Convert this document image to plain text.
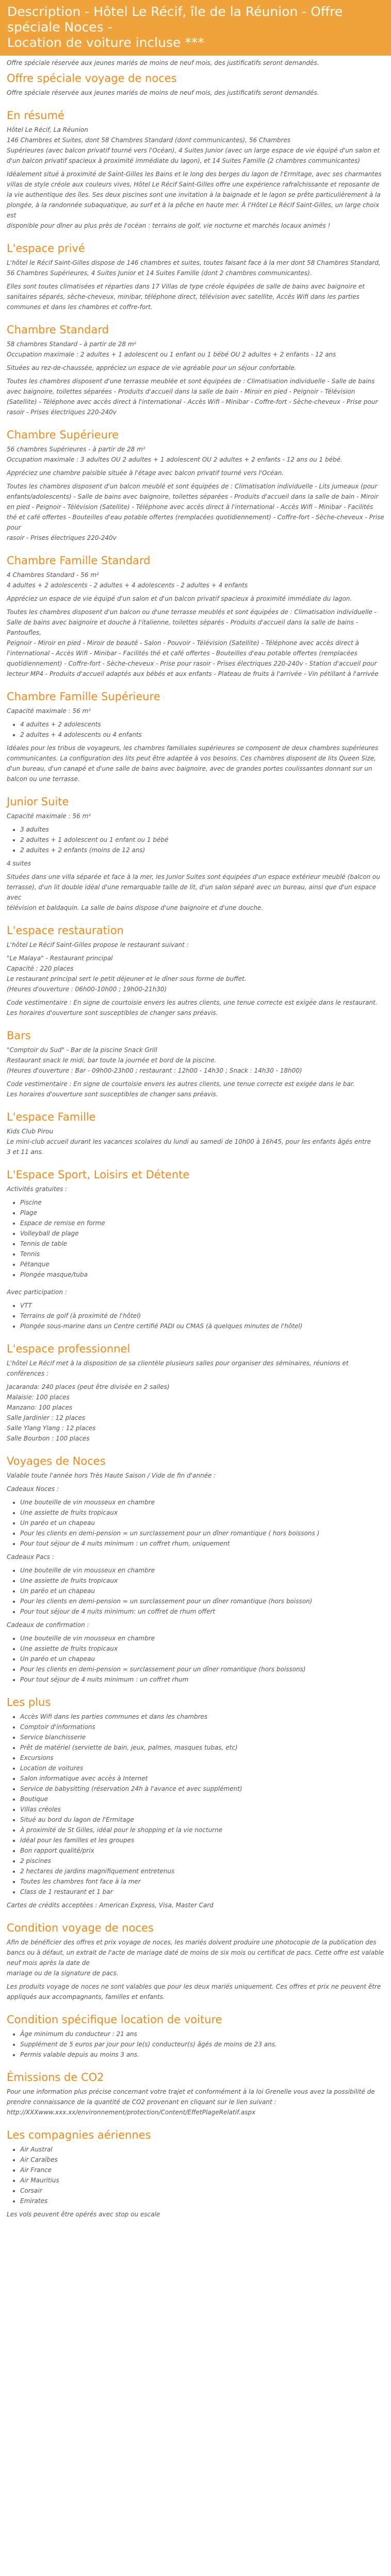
Description - Hôtel Le Récif, île de la Réunion - Offre spéciale Noces -
Location de voiture incluse ***

Offre spéciale réservée aux jeunes mariés de moins de neuf mois, des justificatifs seront demandés.

Offre spéciale voyage de noces

Offre spéciale réservée aux jeunes mariés de moins de neuf mois, des justificatifs seront demandés.

En résumé

Hôtel Le Récif, La Réunion

146 Chambres et Suites, dont 58 Chambres Standard (dont communicantes), 56 Chambres

Supérieures (avec balcon privatif tourné vers l'Océan), 4 Suites Junior (avec un large espace de vie équipé d'un salon et

d'un balcon privatif spacieux à proximité immédiate du lagon), et 14 Suites Famille (2 chambres communicantes)

Idéalement situé à proximité de Saint-Gilles les Bains et le long des berges du lagon de l'Ermitage, avec ses charmantes

villas de style créole aux couleurs vives, Hôtel Le Récif Saint-Gilles offre une expérience rafraîchissante et reposante de

la vie authentique des îles. Ses deux piscines sont une invitation à la baignade et le lagon se prête particulièrement à la

plongée, à la randonnée subaquatique, au surf et à la pêche en haute mer. À l'Hôtel Le Récif Saint-Gilles, un large choix est

disponible pour dîner au plus près de l'océan : terrains de golf, vie nocturne et marchés locaux animés !

L'espace privé

L'hôtel le Récif Saint-Gilles dispose de 146 chambres et suites, toutes faisant face à la mer dont 58 Chambres Standard,

56 Chambres Supérieures, 4 Suites Junior et 14 Suites Famille (dont 2 chambres communicantes).

Elles sont toutes climatisées et réparties dans 17 Villas de type créole équipées de salle de bains avec baignoire et

sanitaires séparés, sèche-cheveux, minibar, téléphone direct, télévision avec satellite, Accès Wifi dans les parties

communes et dans les chambres et coffre-fort.

Chambre Standard

58 chambres Standard - à partir de 28 m²

Occupation maximale : 2 adultes + 1 adolescent ou 1 enfant ou 1 bébé OU 2 adultes + 2 enfants - 12 ans

Situées au rez-de-chaussée, appréciez un espace de vie agréable pour un séjour confortable.

Toutes les chambres disposent d'une terrasse meublée et sont équipées de : Climatisation individuelle - Salle de bains

avec baignoire, toilettes séparées - Produits d'accueil dans la salle de bain - Miroir en pied - Peignoir - Télévision

(Satellite) - Téléphone avec accès direct à l'international - Accès Wifi - Minibar - Coffre-fort - Sèche-cheveux - Prise pour

rasoir - Prises électriques 220-240v

Chambre Supérieure

56 chambres Supérieures - à partir de 28 m²

Occupation maximale : 3 adultes OU 2 adultes + 1 adolescent OU 2 adultes + 2 enfants - 12 ans ou 1 bébé.

Appréciez une chambre paisible située à l'étage avec balcon privatif tourné vers l'Océan.

Toutes les chambres disposent d'un balcon meublé et sont équipées de : Climatisation individuelle - Lits jumeaux (pour

enfants/adolescents) - Salle de bains avec baignoire, toilettes séparées - Produits d'accueil dans la salle de bain - Miroir

en pied - Peignoir - Télévision (Satellite) - Téléphone avec accès direct à l'international - Accès Wifi - Minibar - Facilités

thé et café offertes - Bouteilles d'eau potable offertes (remplacées quotidiennement) - Coffre-fort - Sèche-cheveux - Prise pour

rasoir - Prises électriques 220-240v

Chambre Famille Standard

4 Chambres Standard - 56 m²

4 adultes + 2 adolescents - 2 adultes + 4 adolescents - 2 adultes + 4 enfants

Appréciez un espace de vie équipé d'un salon et d'un balcon privatif spacieux à proximité immédiate du lagon.

Toutes les chambres disposent d'un balcon ou d'une terrasse meublés et sont équipées de : Climatisation individuelle -

Salle de bains avec baignoire et douche à l'italienne, toilettes séparés - Produits d'accueil dans la salle de bains - Pantoufles,

Peignoir - Miroir en pied - Miroir de beauté - Salon - Pouvoir - Télévision (Satellite) - Téléphone avec accès direct à

l'international - Accès Wifi - Minibar - Facilités thé et café offertes - Bouteilles d'eau potable offertes (remplacées

quotidiennement) - Coffre-fort - Sèche-cheveux - Prise pour rasoir - Prises électriques 220-240v - Station d'accueil pour

lecteur MP4 - Produits d'accueil adaptés aux bébés et aux enfants - Plateau de fruits à l'arrivée - Vin pétillant à l'arrivée

Chambre Famille Supérieure

Capacité maximale : 56 m²

• 4 adultes + 2 adolescents
• 2 adultes + 4 adolescents ou 4 enfants

Idéales pour les tribus de voyageurs, les chambres familiales supérieures se composent de deux chambres supérieures

communicantes. La configuration des lits peut être adaptée à vos besoins. Ces chambres disposent de lits Queen Size,

d'un bureau, d'un canapé et d'une salle de bains avec baignoire, avec de grandes portes coulissantes donnant sur un

balcon ou une terrasse.

Junior Suite

Capacité maximale : 56 m²

• 3 adultes
• 2 adultes + 1 adolescent ou 1 enfant ou 1 bébé
• 2 adultes + 2 enfants (moins de 12 ans)

4 suites

Situées dans une villa séparée et face à la mer, les Junior Suites sont équipées d'un espace extérieur meublé (balcon ou

terrasse), d'un lit double idéal d'une remarquable taille de lit, d'un salon séparé avec un bureau, ainsi que d'un espace avec

télévision et baldaquin. La salle de bains dispose d'une baignoire et d'une douche.

L'espace restauration

L'hôtel Le Récif Saint-Gilles propose le restaurant suivant :

"Le Malaya" - Restaurant principal

Capacité : 220 places

Le restaurant principal sert le petit déjeuner et le dîner sous forme de buffet.

(Heures d'ouverture : 06h00-10h00 ; 19h00-21h30)

Code vestimentaire : En signe de courtoisie envers les autres clients, une tenue correcte est exigée dans le restaurant.

Les horaires d'ouverture sont susceptibles de changer sans préavis.

Bars

"Comptoir du Sud" - Bar de la piscine Snack Grill

Restaurant snack le midi, bar toute la journée et bord de la piscine.

(Heures d'ouverture : Bar - 09h00-23h00 ; restaurant : 12h00 - 14h30 ; Snack : 14h30 - 18h00)

Code vestimentaire : En signe de courtoisie envers les autres clients, une tenue correcte est exigée dans le bar.

Les horaires d'ouverture sont susceptibles de changer sans préavis.

L'espace Famille

Kids Club Pirou

Le mini-club accueil durant les vacances scolaires du lundi au samedi de 10h00 à 16h45, pour les enfants âgés entre

3 et 11 ans.

L'Espace Sport, Loisirs et Détente

Activités gratuites :

• Piscine
• Plage
• Espace de remise en forme
• Volleyball de plage
• Tennis de table
• Tennis
• Pétanque
• Plongée masque/tuba

Avec participation :

• VTT
• Terrains de golf (à proximité de l'hôtel)
• Plongée sous-marine dans un Centre certifié PADI ou CMAS (à quelques minutes de l'hôtel)
L'espace professionnel

L'hôtel Le Récif met à la disposition de sa clientèle plusieurs salles pour organiser des séminaires, réunions et conférences :

Jacaranda: 240 places (peut être divisée en 2 salles)

Malaisie: 100 places

Manzano: 100 places

Salle Jardinier : 12 places

Salle Ylang Ylang : 12 places

Salle Bourbon : 100 places

Voyages de Noces

Valable toute l'année hors Très Haute Saison / Vide de fin d'année :

Cadeaux Noces :

• Une bouteille de vin mousseux en chambre
• Une assiette de fruits tropicaux
• Un paréo et un chapeau
• Pour les clients en demi-pension = un surclassement pour un dîner romantique ( hors boissons )
• Pour tout séjour de 4 nuits minimum : un coffret rhum, uniquement

Cadeaux Pacs :

• Une bouteille de vin mousseux en chambre
• Une assiette de fruits tropicaux
• Un paréo et un chapeau
• Pour les clients en demi-pension = un surclassement pour un dîner romantique (hors boisson)
• Pour tout séjour de 4 nuits minimum: un coffret de rhum offert

Cadeaux de confirmation :

• Une bouteille de vin mousseux en chambre
• Une assiette de fruits tropicaux
• Un paréo et un chapeau
• Pour les clients en demi-pension = surclassement pour un dîner romantique (hors boissons)
• Pour tout séjour de 4 nuits minimum : un coffret rhum
Les plus
• Accès Wifi dans les parties communes et dans les chambres
• Comptoir d'informations
• Service blanchisserie
• Prêt de matériel (serviette de bain, jeux, palmes, masques tubas, etc)
• Excursions
• Location de voitures
• Salon informatique avec accès à Internet
• Service de babysitting (réservation 24h à l'avance et avec supplément)
• Boutique
• Villas créoles
• Situé au bord du lagon de l'Ermitage
• À proximité de St Gilles, idéal pour le shopping et la vie nocturne
• Idéal pour les familles et les groupes
• Bon rapport qualité/prix
• 2 piscines
• 2 hectares de jardins magnifiquement entretenus
• Toutes les chambres font face à la mer
• Class de 1 restaurant et 1 bar

Cartes de crédits acceptées : American Express, Visa, Master Card

Condition voyage de noces

Afin de bénéficier des offres et prix voyage de noces, les mariés doivent produire une photocopie de la publication des

bancs ou à défaut, un extrait de l'acte de mariage daté de moins de six mois ou certificat de pacs. Cette offre est valable neuf mois après la date de

mariage ou de la signature de pacs.

Les produits voyage de noces ne sont valables que pour les deux mariés uniquement. Ces offres et prix ne peuvent être

appliqués aux accompagnants, familles et enfants.

Condition spécifique location de voiture
• Âge minimum du conducteur : 21 ans
• Supplément de 5 euros par jour pour le(s) conducteur(s) âgés de moins de 23 ans.
• Permis valable depuis au moins 3 ans.
Émissions de CO2

Pour une information plus précise concernant votre trajet et conformément à la loi Grenelle vous avez la possibilité de

prendre connaissance de la quantité de CO2 provenant en cliquant sur le lien suivant :

http://XXXwww.xxx.xx/environnement/protection/Content/EffetPlageRelatif.aspx

Les compagnies aériennes
• Air Austral
• Air Caraïbes
• Air France
• Air Mauritius
• Corsair
• Emirates

Les vols peuvent être opérés avec stop ou escale
